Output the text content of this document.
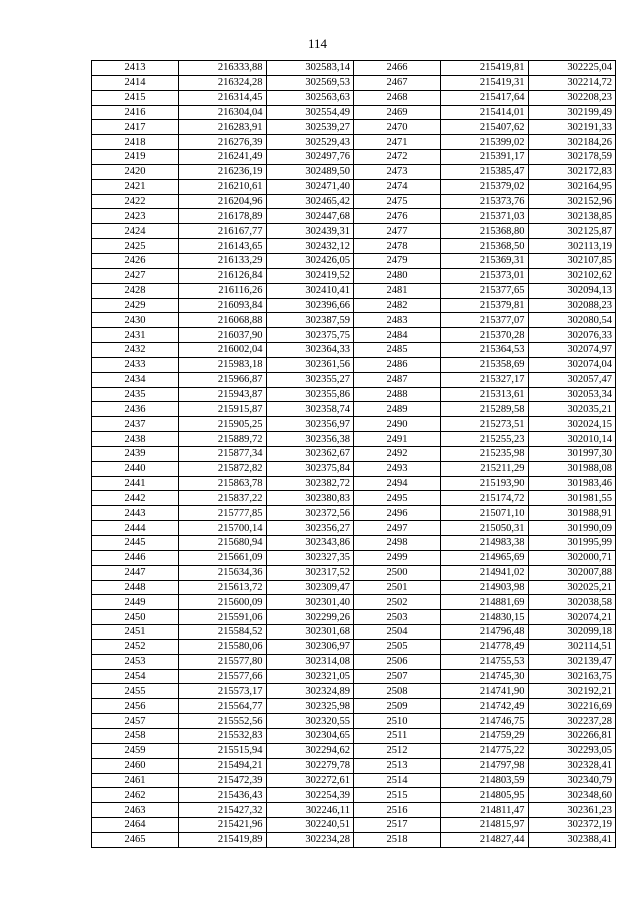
114
2413	216333,88	302583,14	2466	215419,81	302225,04
2414	216324,28	302569,53	2467	215419,31	302214,72
2415	216314,45	302563,63	2468	215417,64	302208,23
2416	216304,04	302554,49	2469	215414,01	302199,49
2417	216283,91	302539,27	2470	215407,62	302191,33
2418	216276,39	302529,43	2471	215399,02	302184,26
2419	216241,49	302497,76	2472	215391,17	302178,59
2420	216236,19	302489,50	2473	215385,47	302172,83
2421	216210,61	302471,40	2474	215379,02	302164,95
2422	216204,96	302465,42	2475	215373,76	302152,96
2423	216178,89	302447,68	2476	215371,03	302138,85
2424	216167,77	302439,31	2477	215368,80	302125,87
2425	216143,65	302432,12	2478	215368,50	302113,19
2426	216133,29	302426,05	2479	215369,31	302107,85
2427	216126,84	302419,52	2480	215373,01	302102,62
2428	216116,26	302410,41	2481	215377,65	302094,13
2429	216093,84	302396,66	2482	215379,81	302088,23
2430	216068,88	302387,59	2483	215377,07	302080,54
2431	216037,90	302375,75	2484	215370,28	302076,33
2432	216002,04	302364,33	2485	215364,53	302074,97
2433	215983,18	302361,56	2486	215358,69	302074,04
2434	215966,87	302355,27	2487	215327,17	302057,47
2435	215943,87	302355,86	2488	215313,61	302053,34
2436	215915,87	302358,74	2489	215289,58	302035,21
2437	215905,25	302356,97	2490	215273,51	302024,15
2438	215889,72	302356,38	2491	215255,23	302010,14
2439	215877,34	302362,67	2492	215235,98	301997,30
2440	215872,82	302375,84	2493	215211,29	301988,08
2441	215863,78	302382,72	2494	215193,90	301983,46
2442	215837,22	302380,83	2495	215174,72	301981,55
2443	215777,85	302372,56	2496	215071,10	301988,91
2444	215700,14	302356,27	2497	215050,31	301990,09
2445	215680,94	302343,86	2498	214983,38	301995,99
2446	215661,09	302327,35	2499	214965,69	302000,71
2447	215634,36	302317,52	2500	214941,02	302007,88
2448	215613,72	302309,47	2501	214903,98	302025,21
2449	215600,09	302301,40	2502	214881,69	302038,58
2450	215591,06	302299,26	2503	214830,15	302074,21
2451	215584,52	302301,68	2504	214796,48	302099,18
2452	215580,06	302306,97	2505	214778,49	302114,51
2453	215577,80	302314,08	2506	214755,53	302139,47
2454	215577,66	302321,05	2507	214745,30	302163,75
2455	215573,17	302324,89	2508	214741,90	302192,21
2456	215564,77	302325,98	2509	214742,49	302216,69
2457	215552,56	302320,55	2510	214746,75	302237,28
2458	215532,83	302304,65	2511	214759,29	302266,81
2459	215515,94	302294,62	2512	214775,22	302293,05
2460	215494,21	302279,78	2513	214797,98	302328,41
2461	215472,39	302272,61	2514	214803,59	302340,79
2462	215436,43	302254,39	2515	214805,95	302348,60
2463	215427,32	302246,11	2516	214811,47	302361,23
2464	215421,96	302240,51	2517	214815,97	302372,19
2465	215419,89	302234,28	2518	214827,44	302388,41
